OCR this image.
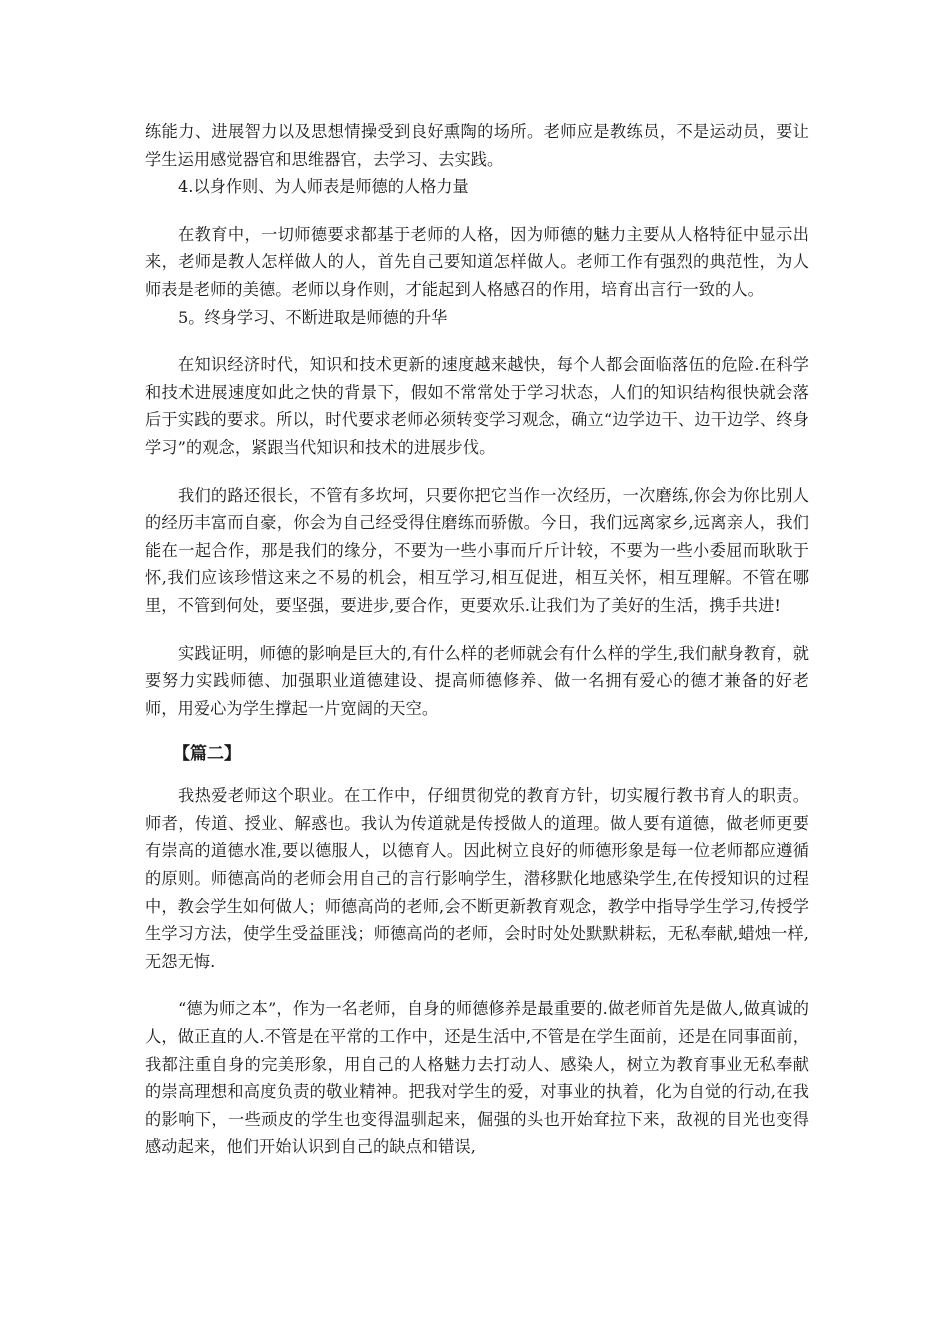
练能力、进展智力以及思想情操受到良好熏陶的场所。老师应是教练员，不是运动员，要让学生运用感觉器官和思维器官，去学习、去实践。

4.以身作则、为人师表是师德的人格力量

在教育中，一切师德要求都基于老师的人格，因为师德的魅力主要从人格特征中显示出来，老师是教人怎样做人的人，首先自己要知道怎样做人。老师工作有强烈的典范性，为人师表是老师的美德。老师以身作则，才能起到人格感召的作用，培育出言行一致的人。

5。终身学习、不断进取是师德的升华

在知识经济时代，知识和技术更新的速度越来越快，每个人都会面临落伍的危险.在科学和技术进展速度如此之快的背景下，假如不常常处于学习状态，人们的知识结构很快就会落后于实践的要求。所以，时代要求老师必须转变学习观念，确立“边学边干、边干边学、终身学习”的观念，紧跟当代知识和技术的进展步伐。

我们的路还很长，不管有多坎坷，只要你把它当作一次经历，一次磨练,你会为你比别人的经历丰富而自豪，你会为自己经受得住磨练而骄傲。今日，我们远离家乡,远离亲人，我们能在一起合作，那是我们的缘分，不要为一些小事而斤斤计较，不要为一些小委屈而耿耿于怀,我们应该珍惜这来之不易的机会，相互学习,相互促进，相互关怀，相互理解。不管在哪里，不管到何处，要坚强，要进步,要合作，更要欢乐.让我们为了美好的生活，携手共进!

实践证明，师德的影响是巨大的,有什么样的老师就会有什么样的学生,我们献身教育，就要努力实践师德、加强职业道德建设、提高师德修养、做一名拥有爱心的德才兼备的好老师，用爱心为学生撑起一片宽阔的天空。

【篇二】

我热爱老师这个职业。在工作中，仔细贯彻党的教育方针，切实履行教书育人的职责。师者，传道、授业、解惑也。我认为传道就是传授做人的道理。做人要有道德，做老师更要有崇高的道德水准,要以德服人，以德育人。因此树立良好的师德形象是每一位老师都应遵循的原则。师德高尚的老师会用自己的言行影响学生，潜移默化地感染学生,在传授知识的过程中，教会学生如何做人；师德高尚的老师,会不断更新教育观念，教学中指导学生学习,传授学生学习方法，使学生受益匪浅；师德高尚的老师，会时时处处默默耕耘，无私奉献,蜡烛一样,无怨无悔.

“德为师之本”，作为一名老师，自身的师德修养是最重要的.做老师首先是做人,做真诚的人，做正直的人.不管是在平常的工作中，还是生活中,不管是在学生面前，还是在同事面前，我都注重自身的完美形象，用自己的人格魅力去打动人、感染人，树立为教育事业无私奉献的崇高理想和高度负责的敬业精神。把我对学生的爱，对事业的执着，化为自觉的行动,在我的影响下，一些顽皮的学生也变得温驯起来，倔强的头也开始耷拉下来，敌视的目光也变得感动起来，他们开始认识到自己的缺点和错误,
